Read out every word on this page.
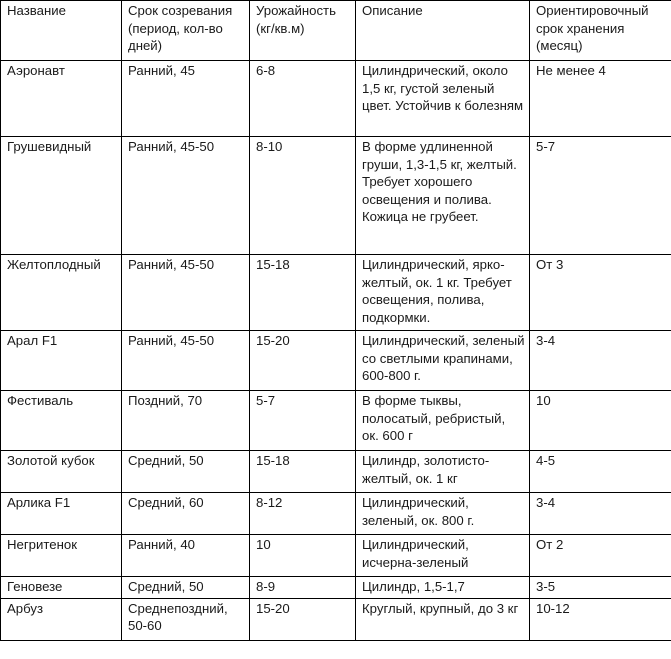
Название	Срок созревания (период, кол-во дней)	Урожайность (кг/кв.м)	Описание	Ориентировочный срок хранения (месяц)
Аэронавт	Ранний, 45	6-8	Цилиндрический, около 1,5 кг, густой зеленый цвет. Устойчив к болезням	Не менее 4
Грушевидный	Ранний, 45-50	8-10	В форме удлиненной груши, 1,3-1,5 кг, желтый. Требует хорошего освещения и полива. Кожица не грубеет.	5-7
Желтоплодный	Ранний, 45-50	15-18	Цилиндрический, ярко-желтый, ок. 1 кг. Требует освещения, полива, подкормки.	От 3
Арал F1	Ранний, 45-50	15-20	Цилиндрический, зеленый со светлыми крапинами, 600-800 г.	3-4
Фестиваль	Поздний, 70	5-7	В форме тыквы, полосатый, ребристый, ок. 600 г	10
Золотой кубок	Средний, 50	15-18	Цилиндр, золотисто-желтый, ок. 1 кг	4-5
Арлика F1	Средний, 60	8-12	Цилиндрический, зеленый, ок. 800 г.	3-4
Негритенок	Ранний, 40	10	Цилиндрический, исчерна-зеленый	От 2
Геновезе	Средний, 50	8-9	Цилиндр, 1,5-1,7	3-5
Арбуз	Среднепоздний, 50-60	15-20	Круглый, крупный, до 3 кг	10-12
